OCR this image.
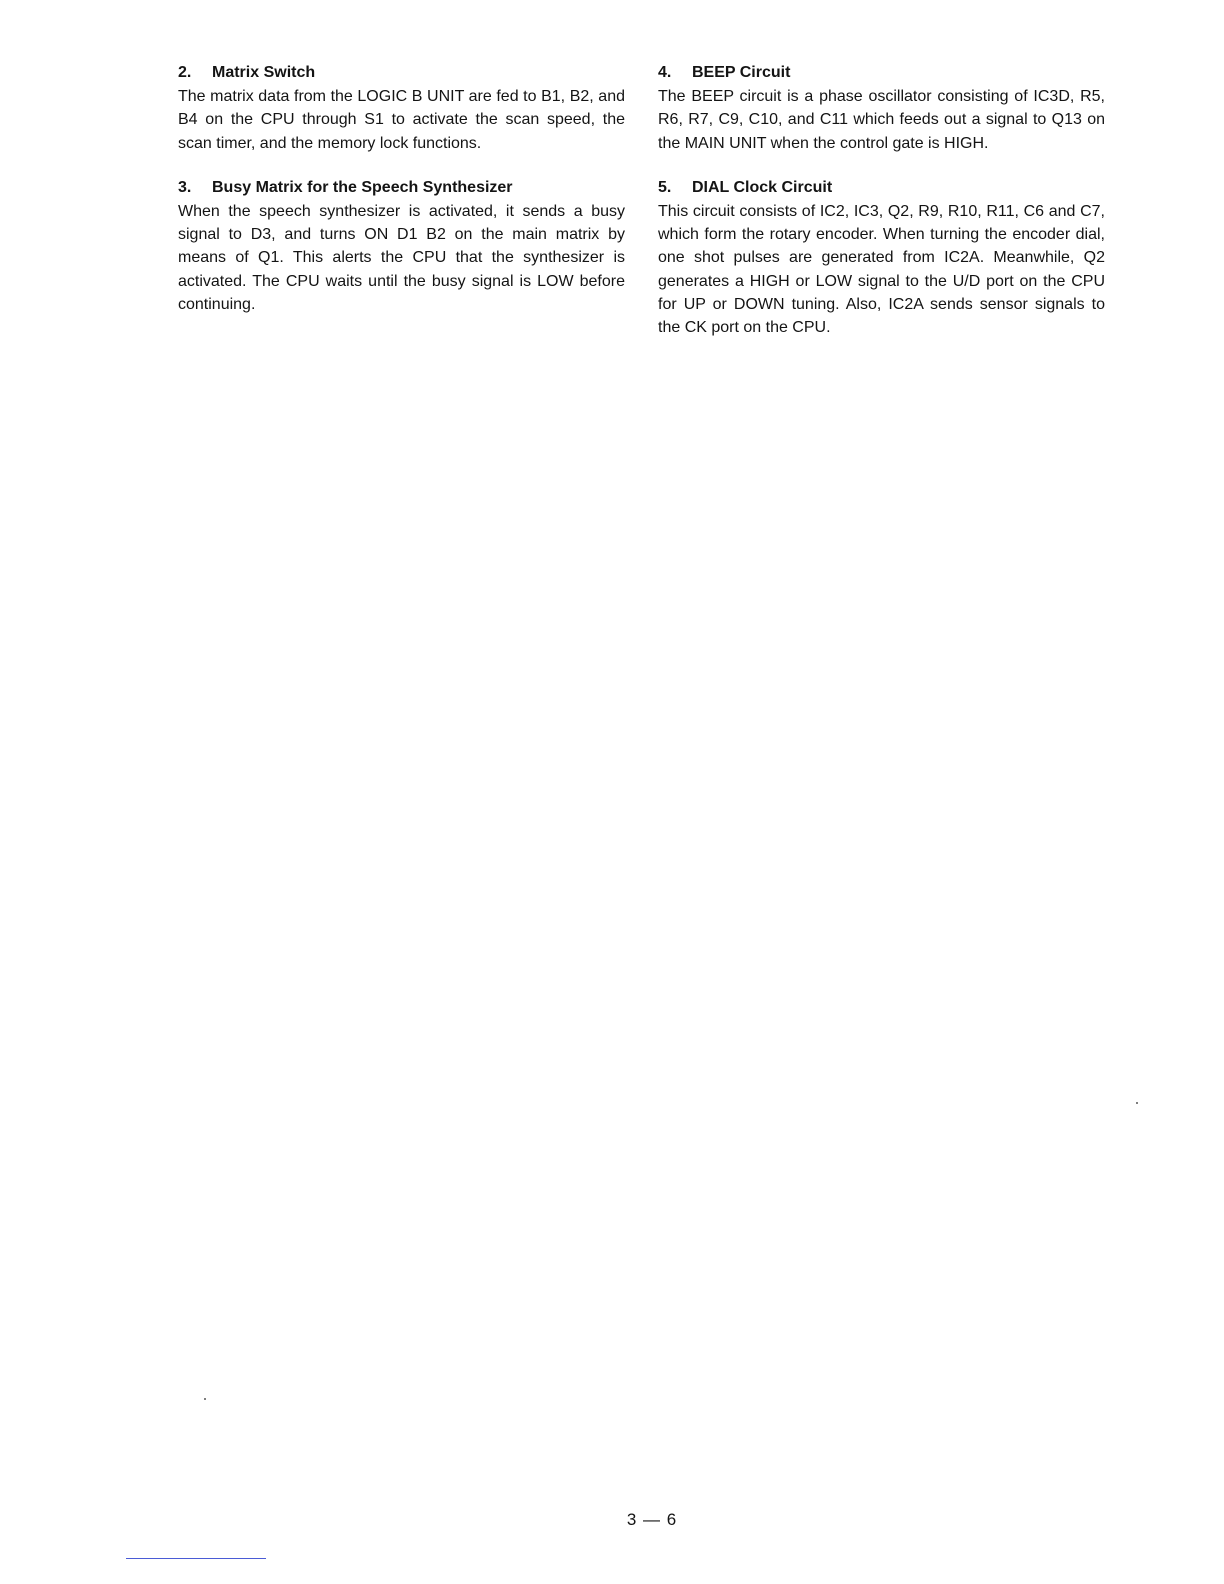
2. Matrix Switch

The matrix data from the LOGIC B UNIT are fed to B1, B2, and B4 on the CPU through S1 to activate the scan speed, the scan timer, and the memory lock functions.

3. Busy Matrix for the Speech Synthesizer

When the speech synthesizer is activated, it sends a busy signal to D3, and turns ON D1 B2 on the main matrix by means of Q1. This alerts the CPU that the synthesizer is activated. The CPU waits until the busy signal is LOW before continuing.

4. BEEP Circuit

The BEEP circuit is a phase oscillator consisting of IC3D, R5, R6, R7, C9, C10, and C11 which feeds out a signal to Q13 on the MAIN UNIT when the control gate is HIGH.

5. DIAL Clock Circuit

This circuit consists of IC2, IC3, Q2, R9, R10, R11, C6 and C7, which form the rotary encoder. When turning the encoder dial, one shot pulses are generated from IC2A. Meanwhile, Q2 generates a HIGH or LOW signal to the U/D port on the CPU for UP or DOWN tuning. Also, IC2A sends sensor signals to the CK port on the CPU.

3 — 6
